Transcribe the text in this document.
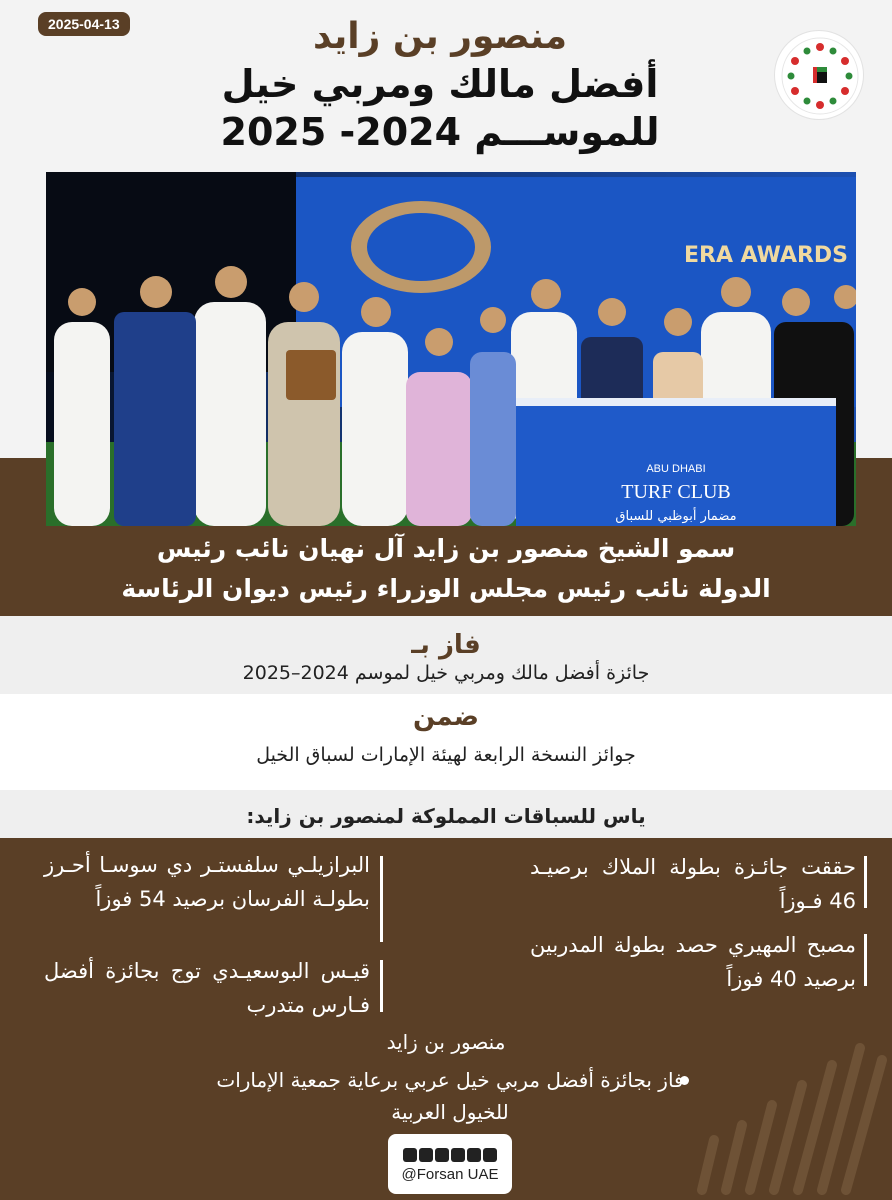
2025-04-13	منصور بن زايد
أفضل مالك ومربي خيل
للموســـم 2024- 2025
ERA AWARDS
ABU DHABI
TURF CLUB
مضمار أبوظبي للسباق
سمو الشيخ منصور بن زايد آل نهيان نائب رئيس
الدولة نائب رئيس مجلس الوزراء رئيس ديوان الرئاسة
فاز بـ
جائزة أفضل مالك ومربي خيل لموسم 2024–2025
ضمن
جوائز النسخة الرابعة لهيئة الإمارات لسباق الخيل
ياس للسباقات المملوكة لمنصور بن زايد:
حققت جائـزة بطولة الملاك برصيـد 46 فـوزاً
مصبح المهيري حصد بطولة المدربين برصيد 40 فوزاً
البرازيلـي سلفستـر دي سوسـا أحـرز بطولـة الفرسان برصيد 54 فوزاً
قيـس البوسعيـدي توج بجائزة أفضل فـارس متدرب
منصور بن زايد
فاز بجائزة أفضل مربي خيل عربي برعاية جمعية الإمارات للخيول العربية
@Forsan UAE
